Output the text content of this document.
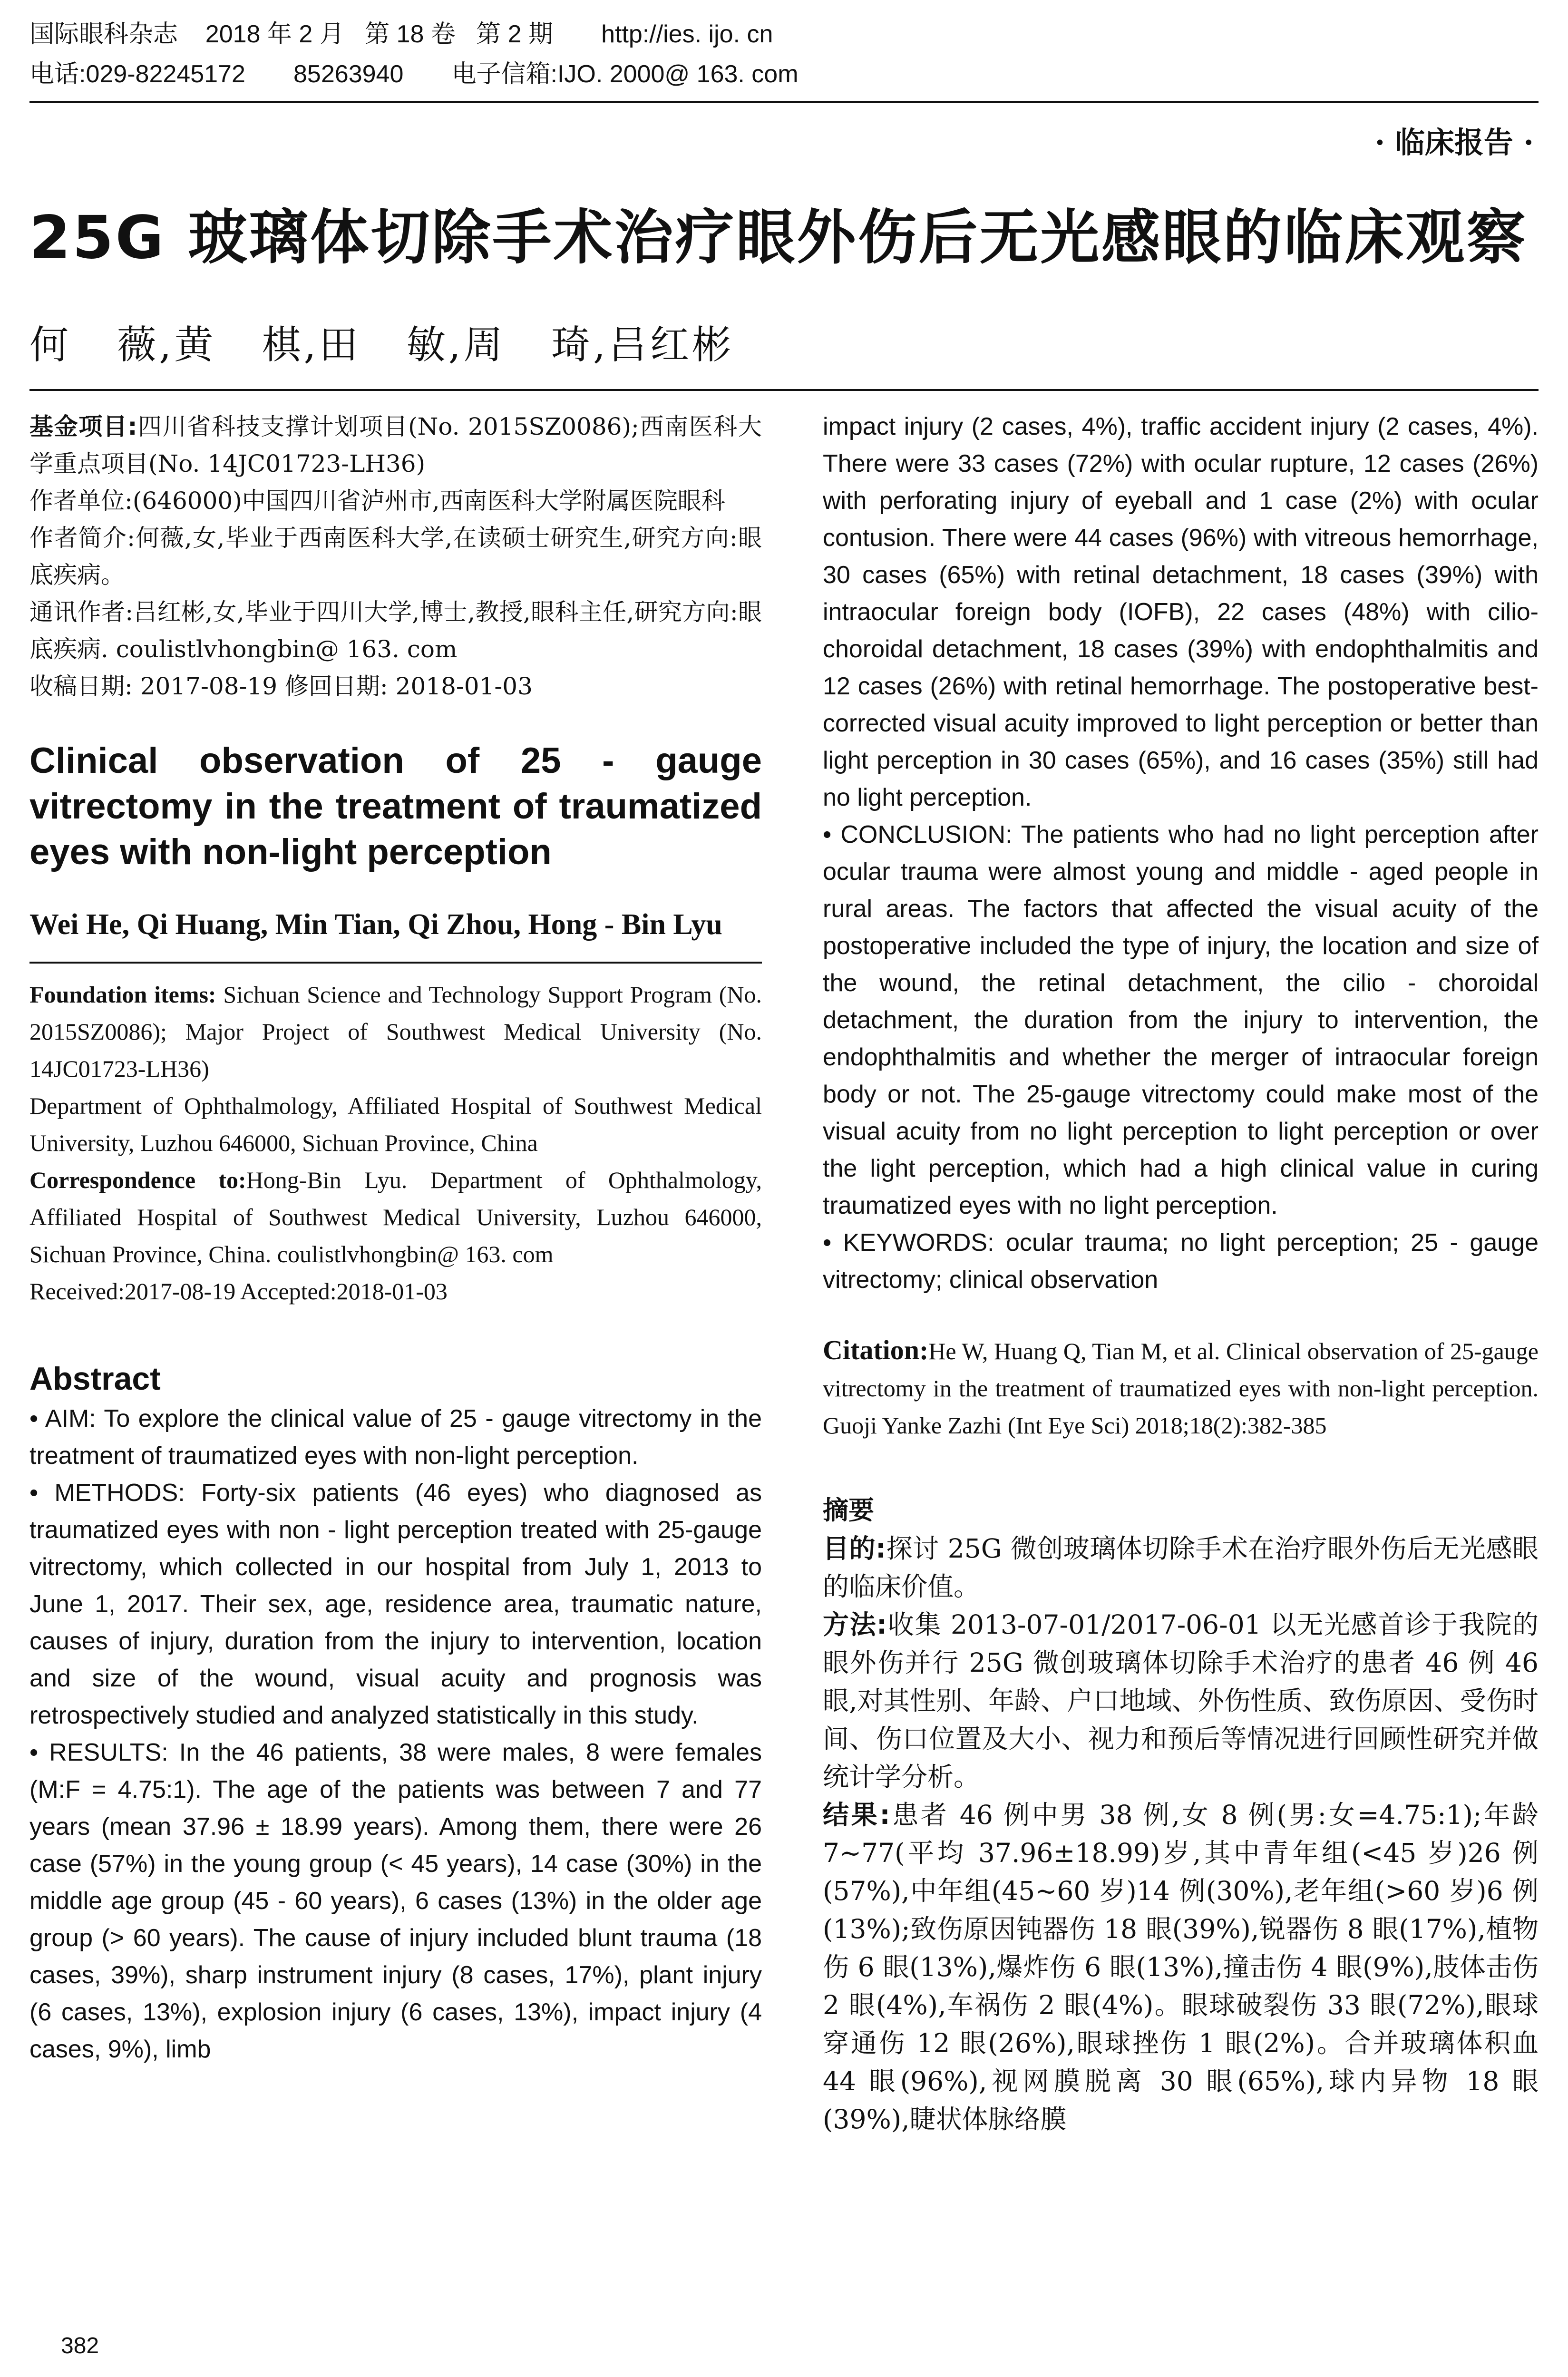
国际眼科杂志    2018 年 2 月   第 18 卷   第 2 期       http://ies. ijo. cn
电话:029-82245172       85263940       电子信箱:IJO. 2000@ 163. com
· 临床报告 ·
25G 玻璃体切除手术治疗眼外伤后无光感眼的临床观察
何   薇,黄   棋,田   敏,周   琦,吕红彬

基金项目:四川省科技支撑计划项目(No. 2015SZ0086);西南医科大学重点项目(No. 14JC01723-LH36)

作者单位:(646000)中国四川省泸州市,西南医科大学附属医院眼科

作者简介:何薇,女,毕业于西南医科大学,在读硕士研究生,研究方向:眼底疾病。

通讯作者:吕红彬,女,毕业于四川大学,博士,教授,眼科主任,研究方向:眼底疾病. coulistlvhongbin@ 163. com

收稿日期: 2017-08-19 修回日期: 2018-01-03

Clinical observation of 25 - gauge vitrectomy in the treatment of traumatized eyes with non-light perception
Wei He, Qi Huang, Min Tian, Qi Zhou, Hong - Bin Lyu

Foundation items: Sichuan Science and Technology Support Program (No. 2015SZ0086); Major Project of Southwest Medical University (No. 14JC01723-LH36)

Department of Ophthalmology, Affiliated Hospital of Southwest Medical University, Luzhou 646000, Sichuan Province, China

Correspondence to:Hong-Bin Lyu. Department of Ophthalmology, Affiliated Hospital of Southwest Medical University, Luzhou 646000, Sichuan Province, China. coulistlvhongbin@ 163. com

Received:2017-08-19 Accepted:2018-01-03

Abstract

• AIM: To explore the clinical value of 25 - gauge vitrectomy in the treatment of traumatized eyes with non-light perception.

• METHODS: Forty-six patients (46 eyes) who diagnosed as traumatized eyes with non - light perception treated with 25-gauge vitrectomy, which collected in our hospital from July 1, 2013 to June 1, 2017. Their sex, age, residence area, traumatic nature, causes of injury, duration from the injury to intervention, location and size of the wound, visual acuity and prognosis was retrospectively studied and analyzed statistically in this study.

• RESULTS: In the 46 patients, 38 were males, 8 were females (M:F = 4.75:1). The age of the patients was between 7 and 77 years (mean 37.96 ± 18.99 years). Among them, there were 26 case (57%) in the young group (< 45 years), 14 case (30%) in the middle age group (45 - 60 years), 6 cases (13%) in the older age group (> 60 years). The cause of injury included blunt trauma (18 cases, 39%), sharp instrument injury (8 cases, 17%), plant injury (6 cases, 13%), explosion injury (6 cases, 13%), impact injury (4 cases, 9%), limb

impact injury (2 cases, 4%), traffic accident injury (2 cases, 4%). There were 33 cases (72%) with ocular rupture, 12 cases (26%) with perforating injury of eyeball and 1 case (2%) with ocular contusion. There were 44 cases (96%) with vitreous hemorrhage, 30 cases (65%) with retinal detachment, 18 cases (39%) with intraocular foreign body (IOFB), 22 cases (48%) with cilio-choroidal detachment, 18 cases (39%) with endophthalmitis and 12 cases (26%) with retinal hemorrhage. The postoperative best-corrected visual acuity improved to light perception or better than light perception in 30 cases (65%), and 16 cases (35%) still had no light perception.

• CONCLUSION: The patients who had no light perception after ocular trauma were almost young and middle - aged people in rural areas. The factors that affected the visual acuity of the postoperative included the type of injury, the location and size of the wound, the retinal detachment, the cilio - choroidal detachment, the duration from the injury to intervention, the endophthalmitis and whether the merger of intraocular foreign body or not. The 25-gauge vitrectomy could make most of the visual acuity from no light perception to light perception or over the light perception, which had a high clinical value in curing traumatized eyes with no light perception.

• KEYWORDS: ocular trauma; no light perception; 25 - gauge vitrectomy; clinical observation

Citation:He W, Huang Q, Tian M, et al. Clinical observation of 25-gauge vitrectomy in the treatment of traumatized eyes with non-light perception. Guoji Yanke Zazhi (Int Eye Sci) 2018;18(2):382-385
摘要

目的:探讨 25G 微创玻璃体切除手术在治疗眼外伤后无光感眼的临床价值。

方法:收集 2013-07-01/2017-06-01 以无光感首诊于我院的眼外伤并行 25G 微创玻璃体切除手术治疗的患者 46 例 46 眼,对其性别、年龄、户口地域、外伤性质、致伤原因、受伤时间、伤口位置及大小、视力和预后等情况进行回顾性研究并做统计学分析。

结果:患者 46 例中男 38 例,女 8 例(男:女=4.75:1);年龄 7~77(平均 37.96±18.99)岁,其中青年组(<45 岁)26 例(57%),中年组(45~60 岁)14 例(30%),老年组(>60 岁)6 例(13%);致伤原因钝器伤 18 眼(39%),锐器伤 8 眼(17%),植物伤 6 眼(13%),爆炸伤 6 眼(13%),撞击伤 4 眼(9%),肢体击伤 2 眼(4%),车祸伤 2 眼(4%)。眼球破裂伤 33 眼(72%),眼球穿通伤 12 眼(26%),眼球挫伤 1 眼(2%)。合并玻璃体积血 44 眼(96%),视网膜脱离 30 眼(65%),球内异物 18 眼(39%),睫状体脉络膜

382
